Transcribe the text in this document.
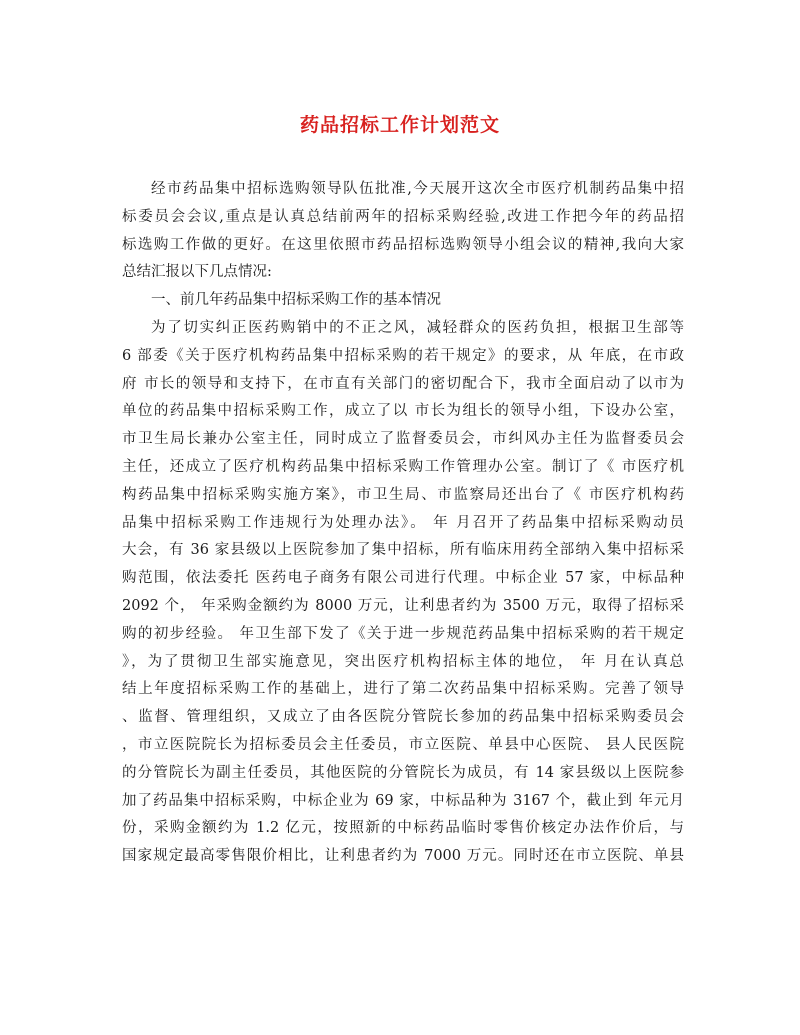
药品招标工作计划范文
经市药品集中招标选购领导队伍批准,今天展开这次全市医疗机制药品集中招
标委员会会议,重点是认真总结前两年的招标采购经验,改进工作把今年的药品招
标选购工作做的更好。在这里依照市药品招标选购领导小组会议的精神,我向大家
总结汇报以下几点情况:
一、前几年药品集中招标采购工作的基本情况
为了切实纠正医药购销中的不正之风，减轻群众的医药负担，根据卫生部等
6 部委《关于医疗机构药品集中招标采购的若干规定》的要求，从 年底，在市政
府 市长的领导和支持下，在市直有关部门的密切配合下，我市全面启动了以市为
单位的药品集中招标采购工作，成立了以 市长为组长的领导小组，下设办公室，
市卫生局长兼办公室主任，同时成立了监督委员会，市纠风办主任为监督委员会
主任，还成立了医疗机构药品集中招标采购工作管理办公室。制订了《 市医疗机
构药品集中招标采购实施方案》，市卫生局、市监察局还出台了《 市医疗机构药
品集中招标采购工作违规行为处理办法》。 年 月召开了药品集中招标采购动员
大会，有 36 家县级以上医院参加了集中招标，所有临床用药全部纳入集中招标采
购范围，依法委托 医药电子商务有限公司进行代理。中标企业 57 家，中标品种
2092 个， 年采购金额约为 8000 万元，让利患者约为 3500 万元，取得了招标采
购的初步经验。 年卫生部下发了《关于进一步规范药品集中招标采购的若干规定
》，为了贯彻卫生部实施意见，突出医疗机构招标主体的地位， 年 月在认真总
结上年度招标采购工作的基础上，进行了第二次药品集中招标采购。完善了领导
、监督、管理组织，又成立了由各医院分管院长参加的药品集中招标采购委员会
，市立医院院长为招标委员会主任委员，市立医院、单县中心医院、 县人民医院
的分管院长为副主任委员，其他医院的分管院长为成员，有 14 家县级以上医院参
加了药品集中招标采购，中标企业为 69 家，中标品种为 3167 个，截止到 年元月
份，采购金额约为 1.2 亿元，按照新的中标药品临时零售价核定办法作价后，与
国家规定最高零售限价相比，让利患者约为 7000 万元。同时还在市立医院、单县
